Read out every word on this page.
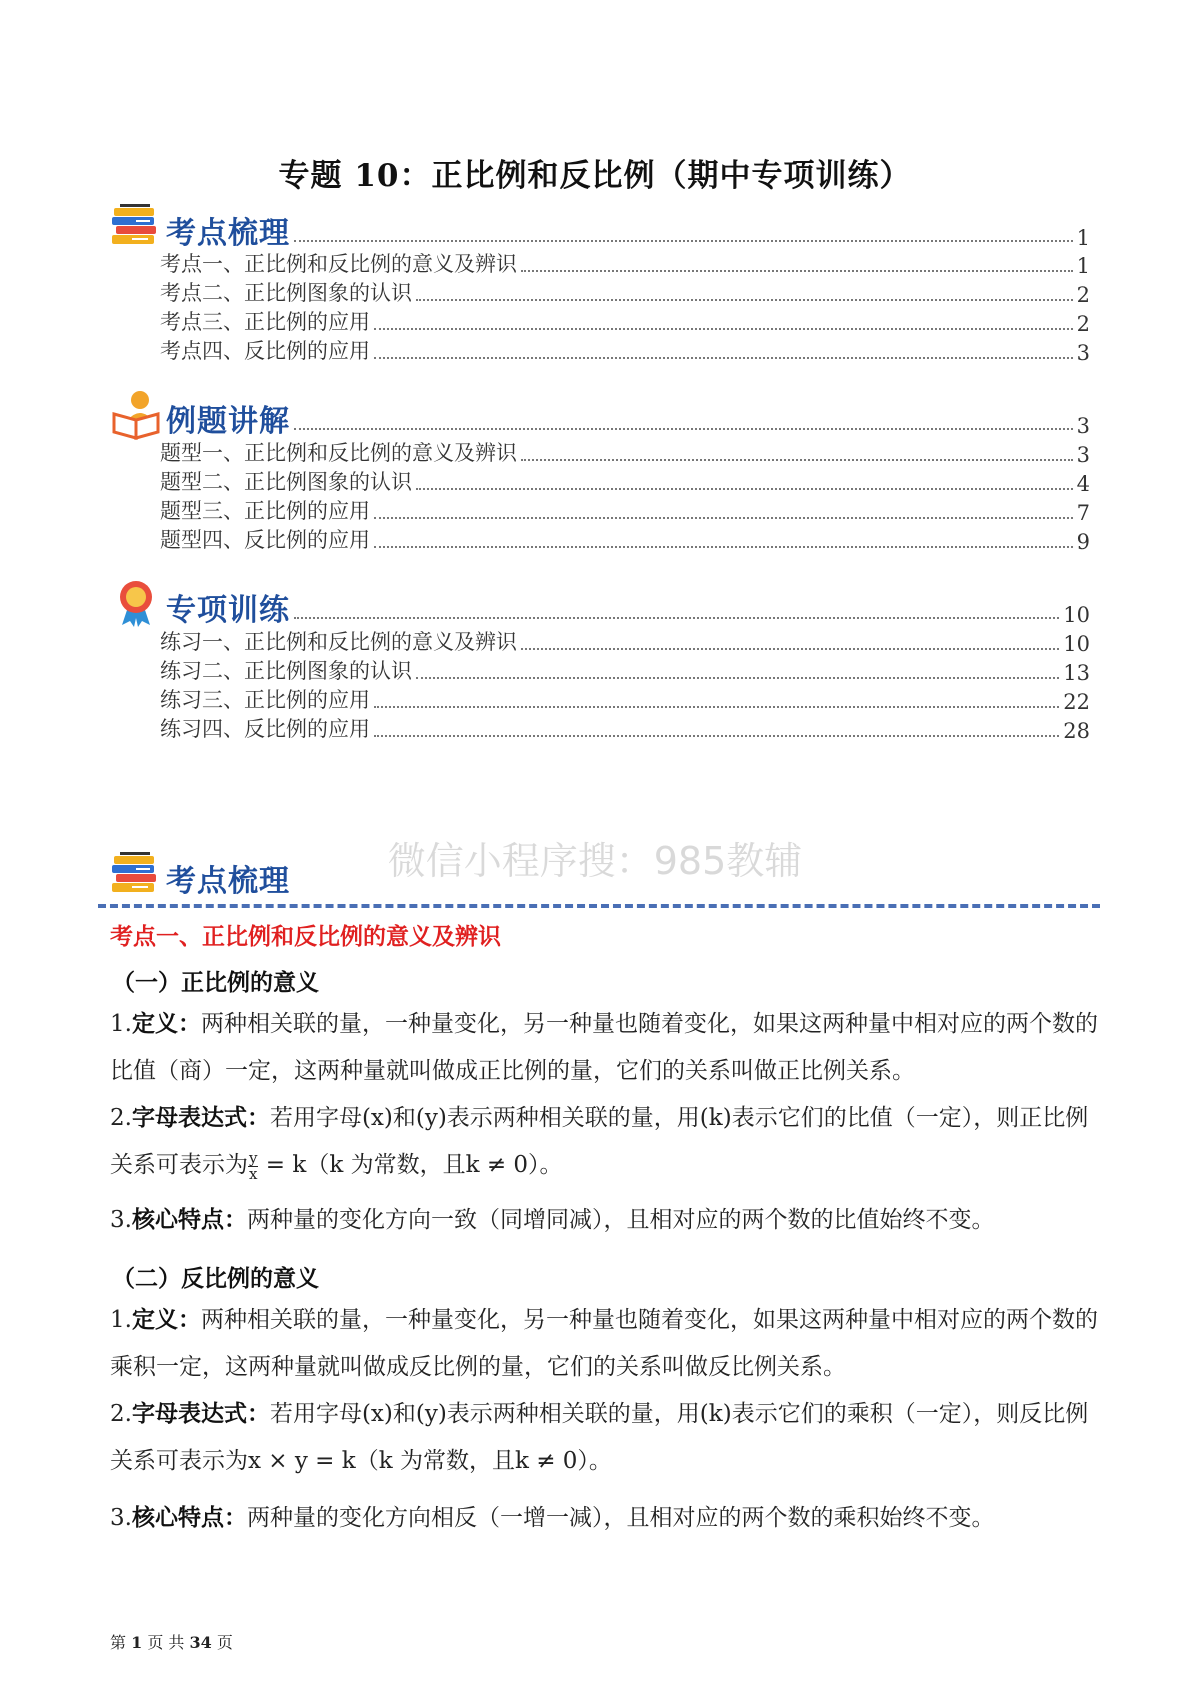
专题 10：正比例和反比例（期中专项训练）
考点梳理	1
考点一、正比例和反比例的意义及辨识	1
考点二、正比例图象的认识	2
考点三、正比例的应用	2
考点四、反比例的应用	3
例题讲解	3
题型一、正比例和反比例的意义及辨识	3
题型二、正比例图象的认识	4
题型三、正比例的应用	7
题型四、反比例的应用	9
专项训练	10
练习一、正比例和反比例的意义及辨识	10
练习二、正比例图象的认识	13
练习三、正比例的应用	22
练习四、反比例的应用	28
微信小程序搜：985教辅
考点梳理
考点一、正比例和反比例的意义及辨识
（一）正比例的意义
1.定义：两种相关联的量，一种量变化，另一种量也随着变化，如果这两种量中相对应的两个数的比值（商）一定，这两种量就叫做成正比例的量，它们的关系叫做正比例关系。
2.字母表达式：若用字母(x)和(y)表示两种相关联的量，用(k)表示它们的比值（一定），则正比例关系可表示为 $\frac{y}{x} = k(k$ 为常数，且k ≠ 0）。
3.核心特点：两种量的变化方向一致（同增同减），且相对应的两个数的比值始终不变。
（二）反比例的意义
1.定义：两种相关联的量，一种量变化，另一种量也随着变化，如果这两种量中相对应的两个数的乘积一定，这两种量就叫做成反比例的量，它们的关系叫做反比例关系。
2.字母表达式：若用字母(x)和(y)表示两种相关联的量，用(k)表示它们的乘积（一定），则反比例关系可表示为x × y = k（k 为常数，且k ≠ 0）。
3.核心特点：两种量的变化方向相反（一增一减），且相对应的两个数的乘积始终不变。
第 1 页 共 34 页
